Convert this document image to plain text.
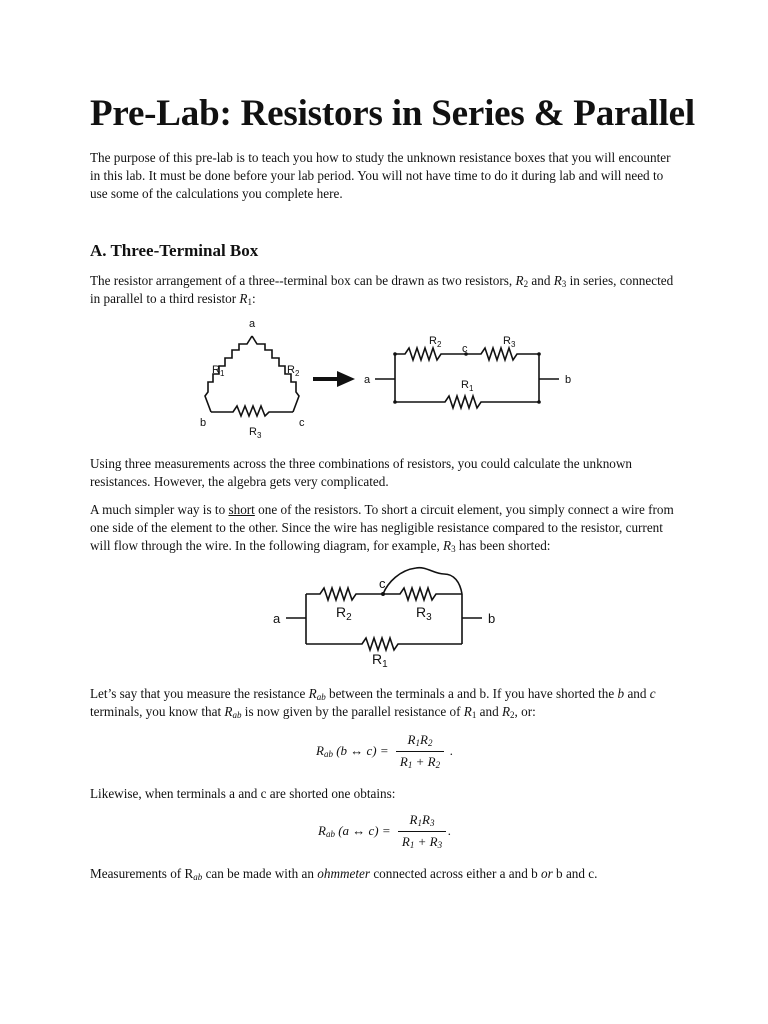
Pre-Lab: Resistors in Series & Parallel

The purpose of this pre-lab is to teach you how to study the unknown resistance boxes that you will encounter in this lab. It must be done before your lab period. You will not have time to do it during lab and will need to use some of the calculations you complete here.

A. Three-Terminal Box

The resistor arrangement of a three--terminal box can be drawn as two resistors, $R_2$ and $R_3$ in series, connected in parallel to a third resistor $R_1$:

Using three measurements across the three combinations of resistors, you could calculate the unknown resistances. However, the algebra gets very complicated.

A much simpler way is to short one of the resistors. To short a circuit element, you simply connect a wire from one side of the element to the other. Since the wire has negligible resistance compared to the resistor, current will flow through the wire. In the following diagram, for example, $R_3$ has been shorted:

Let’s say that you measure the resistance $R_{ab}$ between the terminals a and b. If you have shorted the b and c terminals, you know that $R_{ab}$ is now given by the parallel resistance of $R_1$ and $R_2$, or:

Likewise, when terminals a and c are shorted one obtains:

Measurements of $R_{ab}$ can be made with an ohmmeter connected across either a and b or b and c.

a
b	c
$R_1$	$R_2$
$R_3$
a	b
c
$R_2$	$R_3$
$R_1$
a	b
c
$R_2$	$R_3$
$R_1$
$R_{ab}$ (b ↔ c) =
$R_1R_2$
$R_1 + R_2$
.
$R_{ab}$ (a ↔ c) =
$R_1R_3$
$R_1 + R_3$
.
